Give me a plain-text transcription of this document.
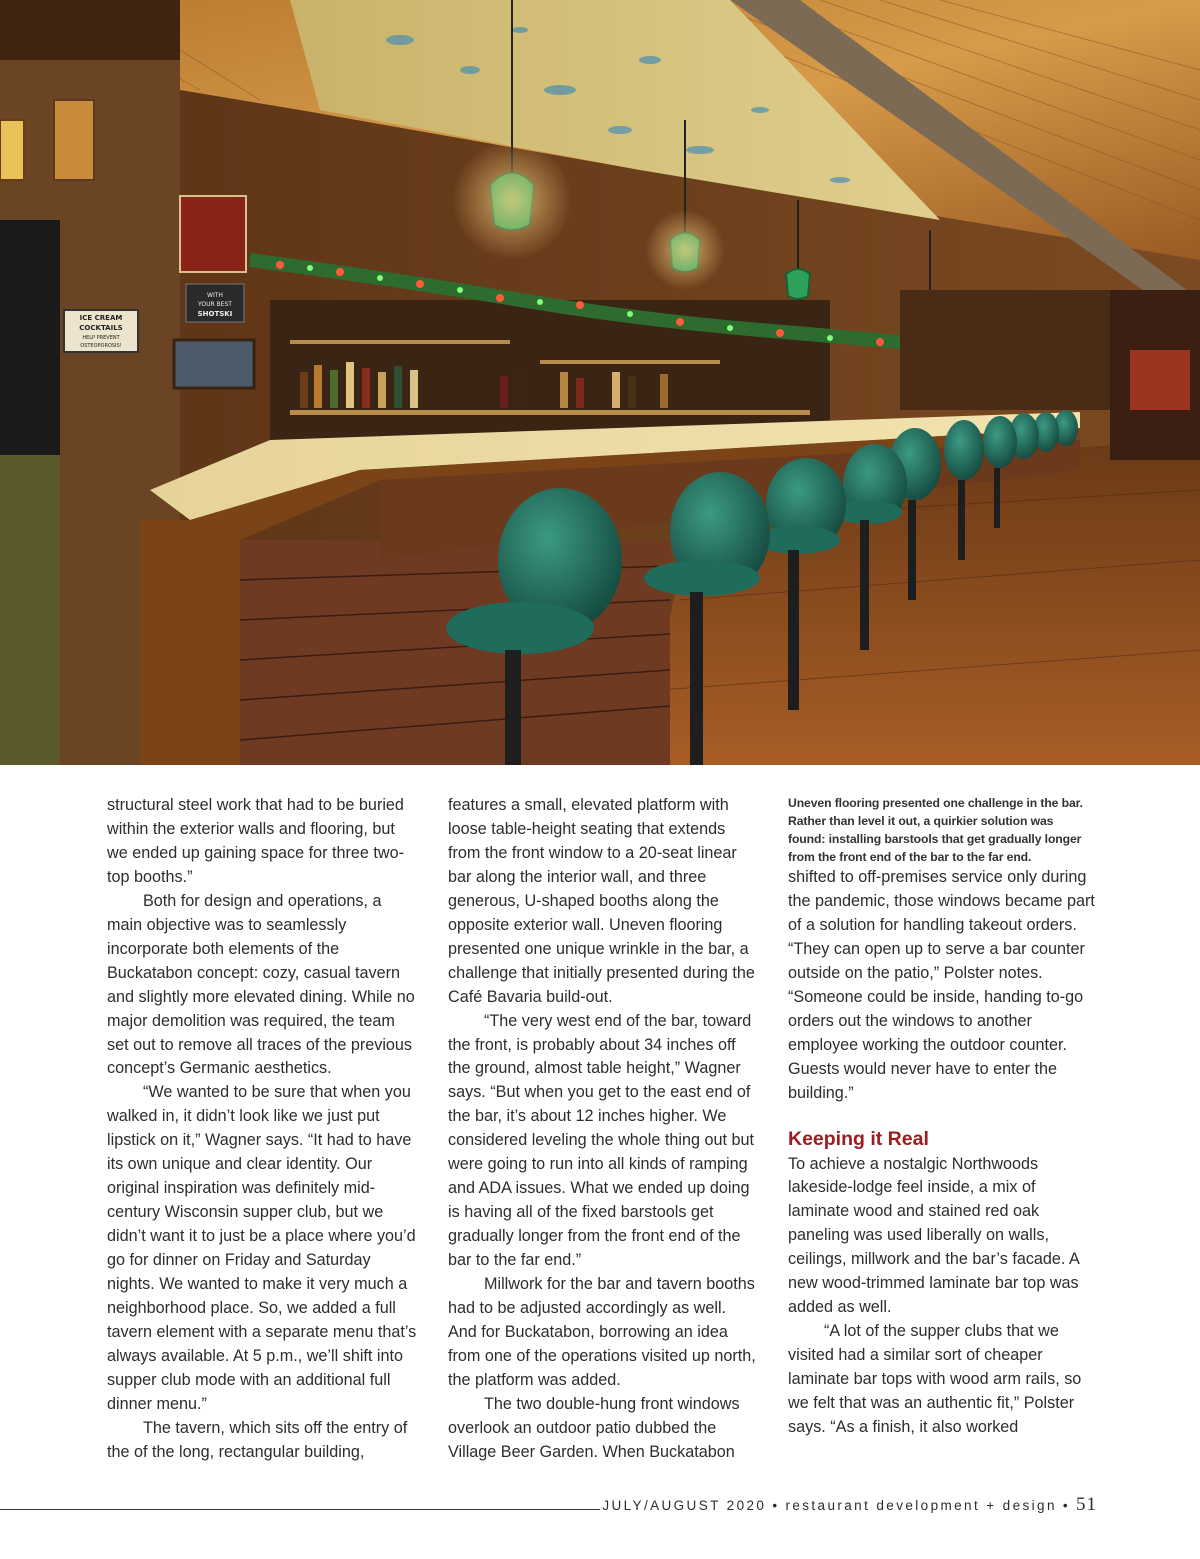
ICE CREAM
COCKTAILS
HELP PREVENT
OSTEOPOROSIS!
WITH
YOUR BEST
SHOTSKI

structural steel work that had to be buried within the exterior walls and flooring, but we ended up gaining space for three two-top booths.”

Both for design and operations, a main objective was to seamlessly incorporate both elements of the Buckatabon concept: cozy, casual tavern and slightly more elevated dining. While no major demolition was required, the team set out to remove all traces of the previous concept’s Germanic aesthetics.

“We wanted to be sure that when you walked in, it didn’t look like we just put lipstick on it,” Wagner says. “It had to have its own unique and clear identity. Our original inspiration was definitely mid-century Wisconsin supper club, but we didn’t want it to just be a place where you’d go for dinner on Friday and Saturday nights. We wanted to make it very much a neighborhood place. So, we added a full tavern element with a separate menu that’s always available. At 5 p.m., we’ll shift into supper club mode with an additional full dinner menu.”

The tavern, which sits off the entry of the of the long, rectangular building,

features a small, elevated platform with loose table-height seating that extends from the front window to a 20-seat linear bar along the interior wall, and three generous, U-shaped booths along the opposite exterior wall. Uneven flooring presented one unique wrinkle in the bar, a challenge that initially presented during the Café Bavaria build-out.

“The very west end of the bar, toward the front, is probably about 34 inches off the ground, almost table height,” Wagner says. “But when you get to the east end of the bar, it’s about 12 inches higher. We considered leveling the whole thing out but were going to run into all kinds of ramping and ADA issues. What we ended up doing is having all of the fixed barstools get gradually longer from the front end of the bar to the far end.”

Millwork for the bar and tavern booths had to be adjusted accordingly as well. And for Buckatabon, borrowing an idea from one of the operations visited up north, the platform was added.

The two double-hung front windows overlook an outdoor patio dubbed the Village Beer Garden. When Buckatabon

Uneven flooring presented one challenge in the bar. Rather than level it out, a quirkier solution was found: installing barstools that get gradually longer from the front end of the bar to the far end.

shifted to off-premises service only during the pandemic, those windows became part of a solution for handling takeout orders. “They can open up to serve a bar counter outside on the patio,” Polster notes. “Someone could be inside, handing to-go orders out the windows to another employee working the outdoor counter. Guests would never have to enter the building.”

Keeping it Real

To achieve a nostalgic Northwoods lakeside-lodge feel inside, a mix of laminate wood and stained red oak paneling was used liberally on walls, ceilings, millwork and the bar’s facade. A new wood-trimmed laminate bar top was added as well.

“A lot of the supper clubs that we visited had a similar sort of cheaper laminate bar tops with wood arm rails, so we felt that was an authentic fit,” Polster says. “As a finish, it also worked

JULY/AUGUST 2020 • restaurant development + design • 51
